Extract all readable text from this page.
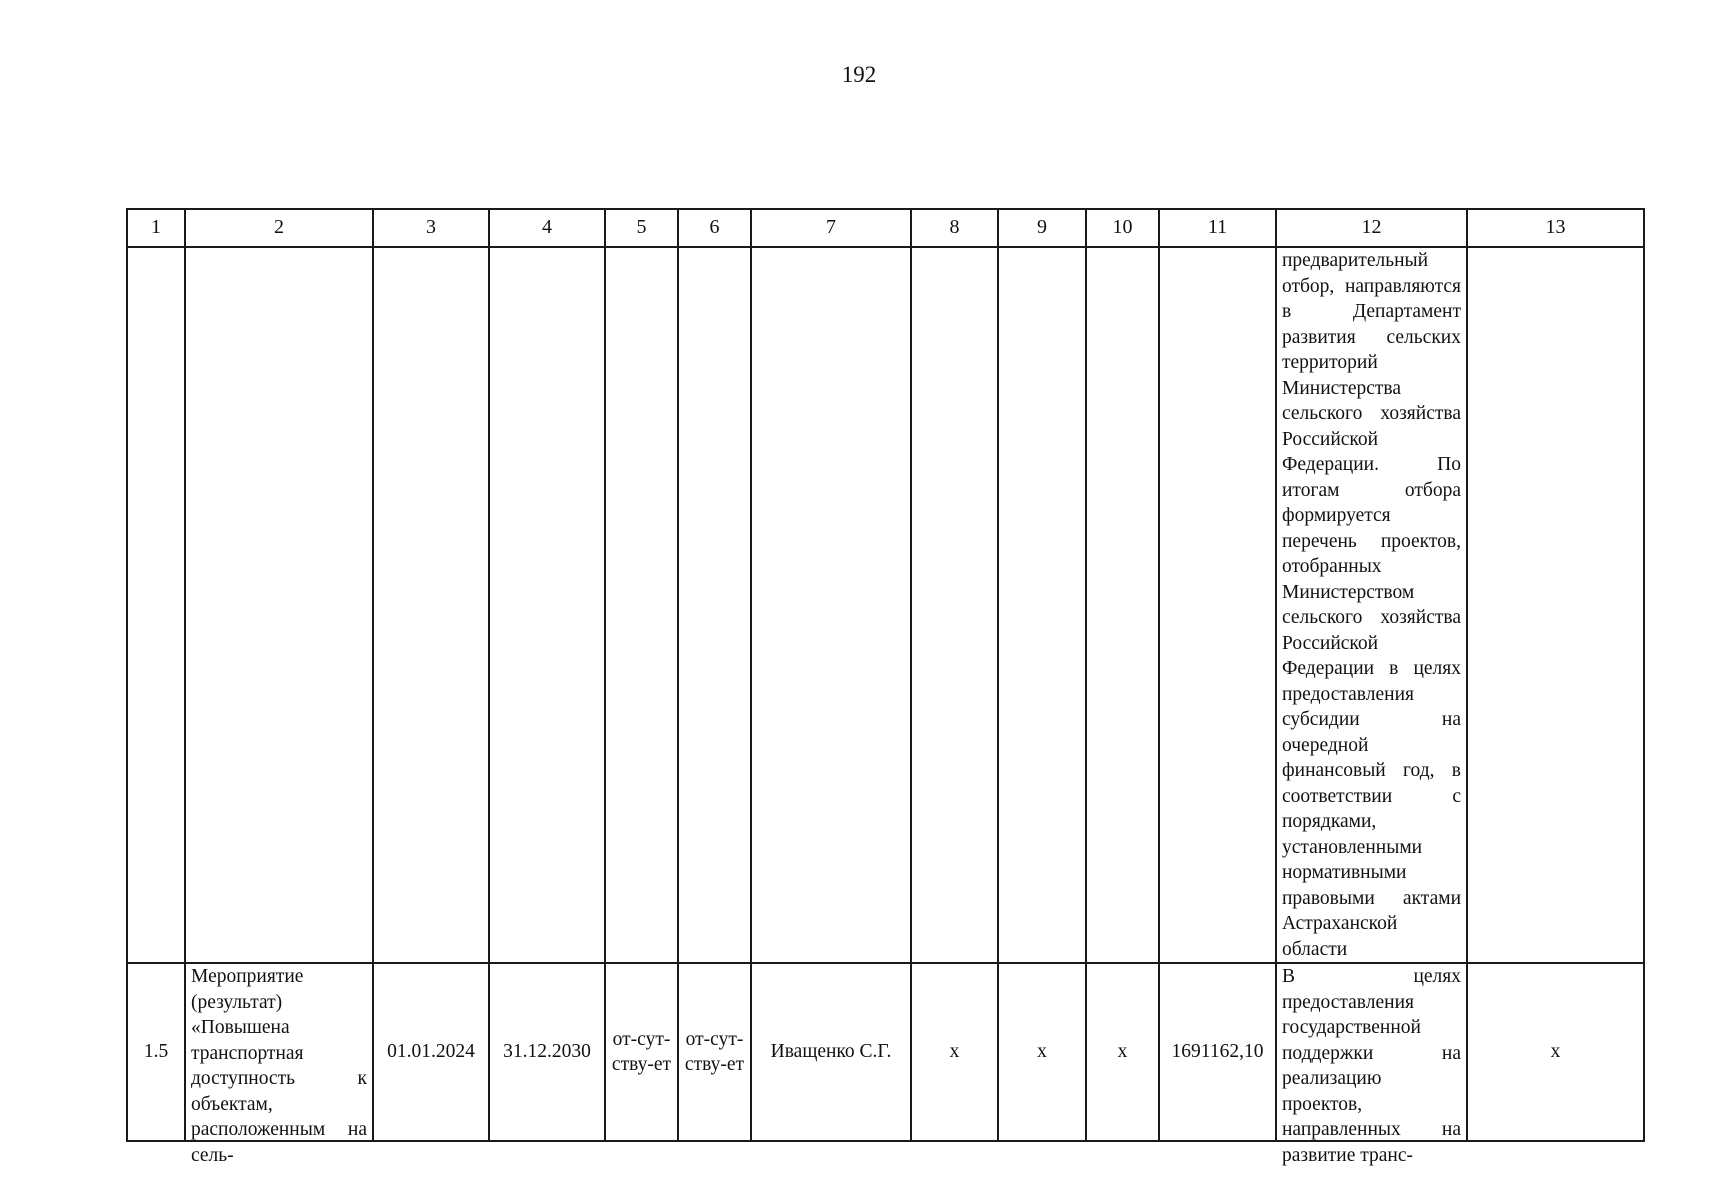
192
1	2	3	4	5	6	7	8	9	10	11	12	13
											предварительный отбор, направляются в Департамент развития сельских территорий Министерства сельского хозяйства Российской Федерации. По итогам отбора формируется перечень проектов, отобранных Министерством сельского хозяйства Российской Федерации в целях предоставления субсидии на очередной финансовый год, в соответствии с порядками, установленными нормативными правовыми актами Астраханской области	
1.5	Мероприятие (результат) «Повышена транспортная доступность к объектам, расположенным на сель-	01.01.2024	31.12.2030	от-сут-ству-ет	от-сут-ству-ет	Иващенко С.Г.	х	х	х	1691162,10	В целях предоставления государственной поддержки на реализацию проектов, направленных на развитие транс-	х
